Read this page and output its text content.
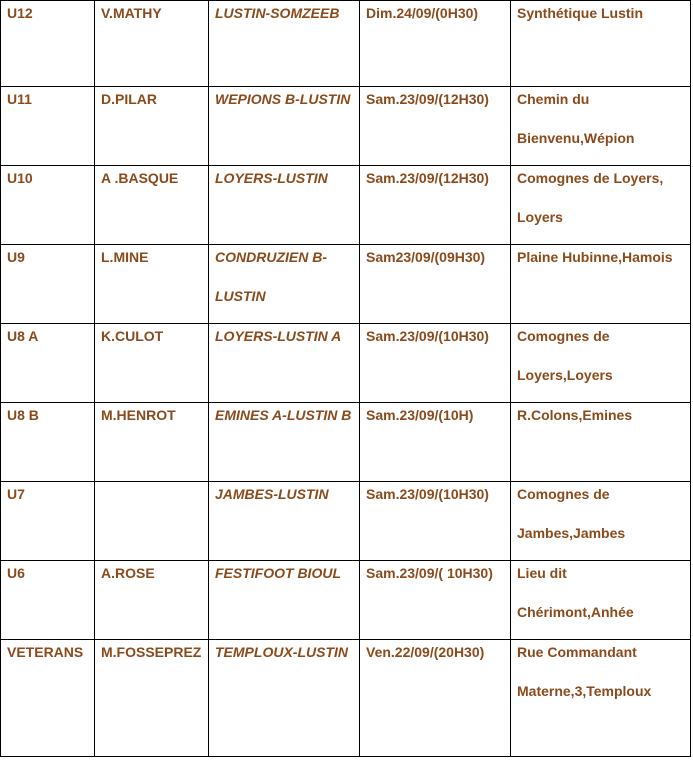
U12	V.MATHY	LUSTIN-SOMZEEB	Dim.24/09/(0H30)	Synthétique Lustin

U11	D.PILAR	WEPIONS B-LUSTIN	Sam.23/09/(12H30)	Chemin du Bienvenu,Wépion

U10	A .BASQUE	LOYERS-LUSTIN	Sam.23/09/(12H30)	Comognes de Loyers, Loyers

U9	L.MINE	CONDRUZIEN B-LUSTIN	Sam23/09/(09H30)	Plaine Hubinne,Hamois

U8 A	K.CULOT	LOYERS-LUSTIN A	Sam.23/09/(10H30)	Comognes de Loyers,Loyers

U8 B	M.HENROT	EMINES A-LUSTIN B	Sam.23/09/(10H)	R.Colons,Emines

U7		JAMBES-LUSTIN	Sam.23/09/(10H30)	Comognes de Jambes,Jambes

U6	A.ROSE	FESTIFOOT BIOUL	Sam.23/09/( 10H30)	Lieu dit Chérimont,Anhée

VETERANS	M.FOSSEPREZ	TEMPLOUX-LUSTIN	Ven.22/09/(20H30)	Rue Commandant Materne,3,Temploux
